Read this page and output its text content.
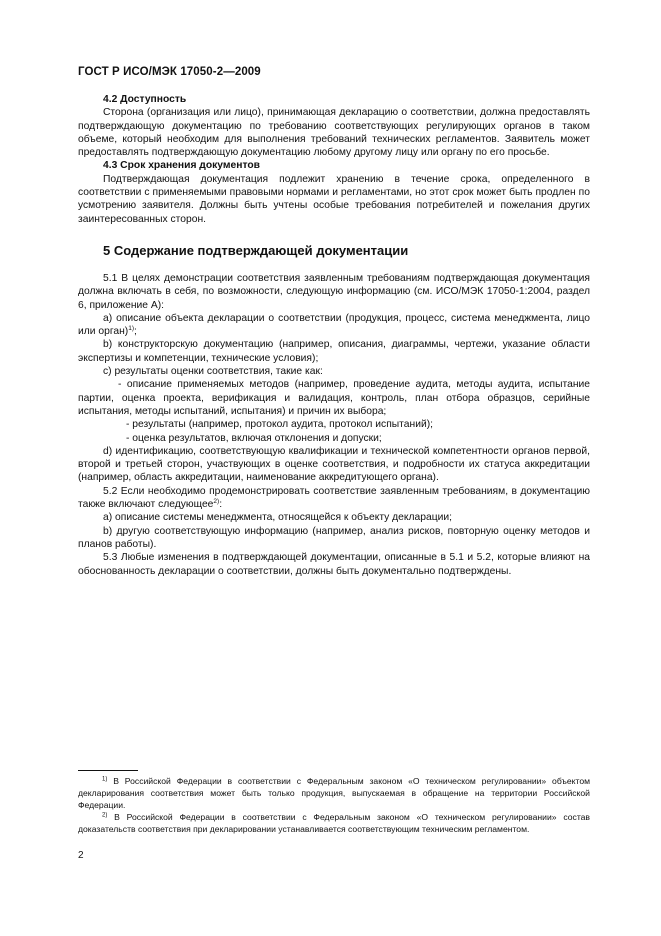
ГОСТ Р ИСО/МЭК 17050-2—2009

4.2 Доступность

Сторона (организация или лицо), принимающая декларацию о соответствии, должна предоставлять подтверждающую документацию по требованию соответствующих регулирующих органов в таком объеме, который необходим для выполнения требований технических регламентов. Заявитель может предоставлять подтверждающую документацию любому другому лицу или органу по его просьбе.

4.3 Срок хранения документов

Подтверждающая документация подлежит хранению в течение срока, определенного в соответствии с применяемыми правовыми нормами и регламентами, но этот срок может быть продлен по усмотрению заявителя. Должны быть учтены особые требования потребителей и пожелания других заинтересованных сторон.

5 Содержание подтверждающей документации

5.1 В целях демонстрации соответствия заявленным требованиям подтверждающая документация должна включать в себя, по возможности, следующую информацию (см. ИСО/МЭК 17050-1:2004, раздел 6, приложение А):

а) описание объекта декларации о соответствии (продукция, процесс, система менеджмента, лицо или орган)$^{1)}$;

b) конструкторскую документацию (например, описания, диаграммы, чертежи, указание области экспертизы и компетенции, технические условия);

с) результаты оценки соответствия, такие как:

- описание применяемых методов (например, проведение аудита, методы аудита, испытание партии, оценка проекта, верификация и валидация, контроль, план отбора образцов, серийные испытания, методы испытаний, испытания) и причин их выбора;

- результаты (например, протокол аудита, протокол испытаний);

- оценка результатов, включая отклонения и допуски;

d) идентификацию, соответствующую квалификации и технической компетентности органов первой, второй и третьей сторон, участвующих в оценке соответствия, и подробности их статуса аккредитации (например, область аккредитации, наименование аккредитующего органа).

5.2 Если необходимо продемонстрировать соответствие заявленным требованиям, в документацию также включают следующее$^{2)}$:

а) описание системы менеджмента, относящейся к объекту декларации;

b) другую соответствующую информацию (например, анализ рисков, повторную оценку методов и планов работы).

5.3 Любые изменения в подтверждающей документации, описанные в 5.1 и 5.2, которые влияют на обоснованность декларации о соответствии, должны быть документально подтверждены.

$^{1)}$ В Российской Федерации в соответствии с Федеральным законом «О техническом регулировании» объектом декларирования соответствия может быть только продукция, выпускаемая в обращение на территории Российской Федерации.

$^{2)}$ В Российской Федерации в соответствии с Федеральным законом «О техническом регулировании» состав доказательств соответствия при декларировании устанавливается соответствующим техническим регламентом.

2
